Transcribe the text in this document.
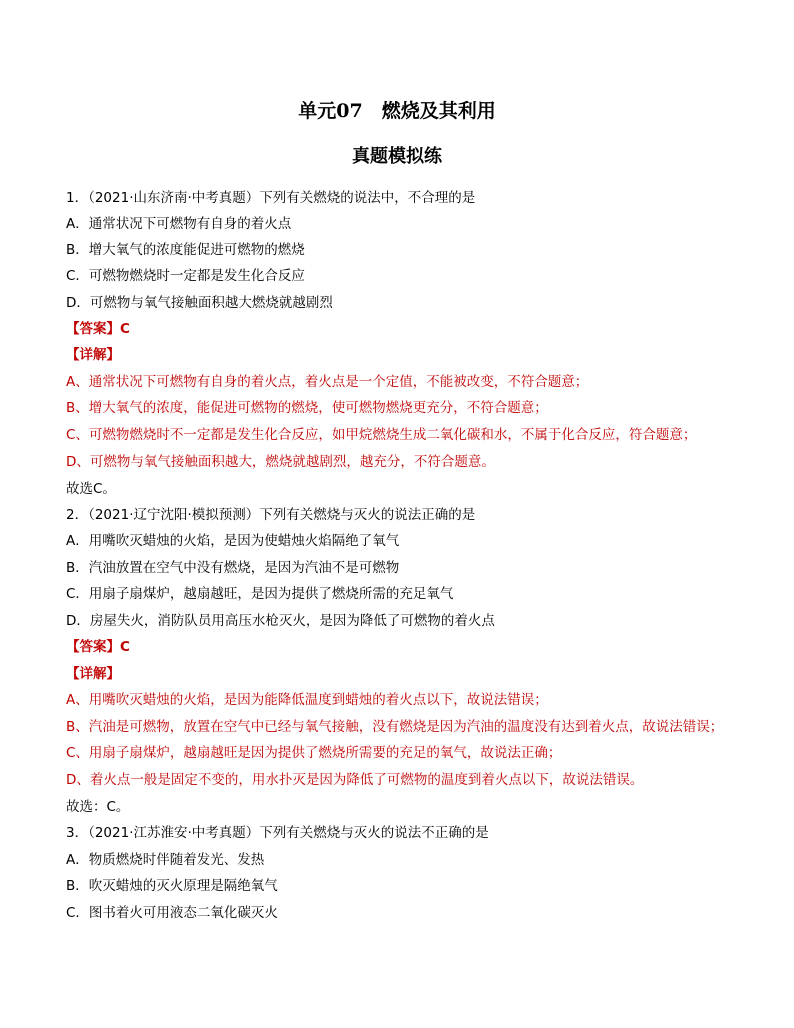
单元07　燃烧及其利用
真题模拟练
1．（2021·山东济南·中考真题）下列有关燃烧的说法中，不合理的是
A．通常状况下可燃物有自身的着火点
B．增大氧气的浓度能促进可燃物的燃烧
C．可燃物燃烧时一定都是发生化合反应
D．可燃物与氧气接触面积越大燃烧就越剧烈
【答案】C
【详解】
A、通常状况下可燃物有自身的着火点，着火点是一个定值，不能被改变，不符合题意；
B、增大氧气的浓度，能促进可燃物的燃烧，使可燃物燃烧更充分，不符合题意；
C、可燃物燃烧时不一定都是发生化合反应，如甲烷燃烧生成二氧化碳和水，不属于化合反应，符合题意；
D、可燃物与氧气接触面积越大，燃烧就越剧烈，越充分，不符合题意。
故选C。
2．（2021·辽宁沈阳·模拟预测）下列有关燃烧与灭火的说法正确的是
A．用嘴吹灭蜡烛的火焰，是因为使蜡烛火焰隔绝了氧气
B．汽油放置在空气中没有燃烧，是因为汽油不是可燃物
C．用扇子扇煤炉，越扇越旺，是因为提供了燃烧所需的充足氧气
D．房屋失火，消防队员用高压水枪灭火，是因为降低了可燃物的着火点
【答案】C
【详解】
A、用嘴吹灭蜡烛的火焰，是因为能降低温度到蜡烛的着火点以下，故说法错误；
B、汽油是可燃物，放置在空气中已经与氧气接触，没有燃烧是因为汽油的温度没有达到着火点，故说法错误；
C、用扇子扇煤炉，越扇越旺是因为提供了燃烧所需要的充足的氧气，故说法正确；
D、着火点一般是固定不变的，用水扑灭是因为降低了可燃物的温度到着火点以下，故说法错误。
故选：C。
3．（2021·江苏淮安·中考真题）下列有关燃烧与灭火的说法不正确的是
A．物质燃烧时伴随着发光、发热
B．吹灭蜡烛的灭火原理是隔绝氧气
C．图书着火可用液态二氧化碳灭火
